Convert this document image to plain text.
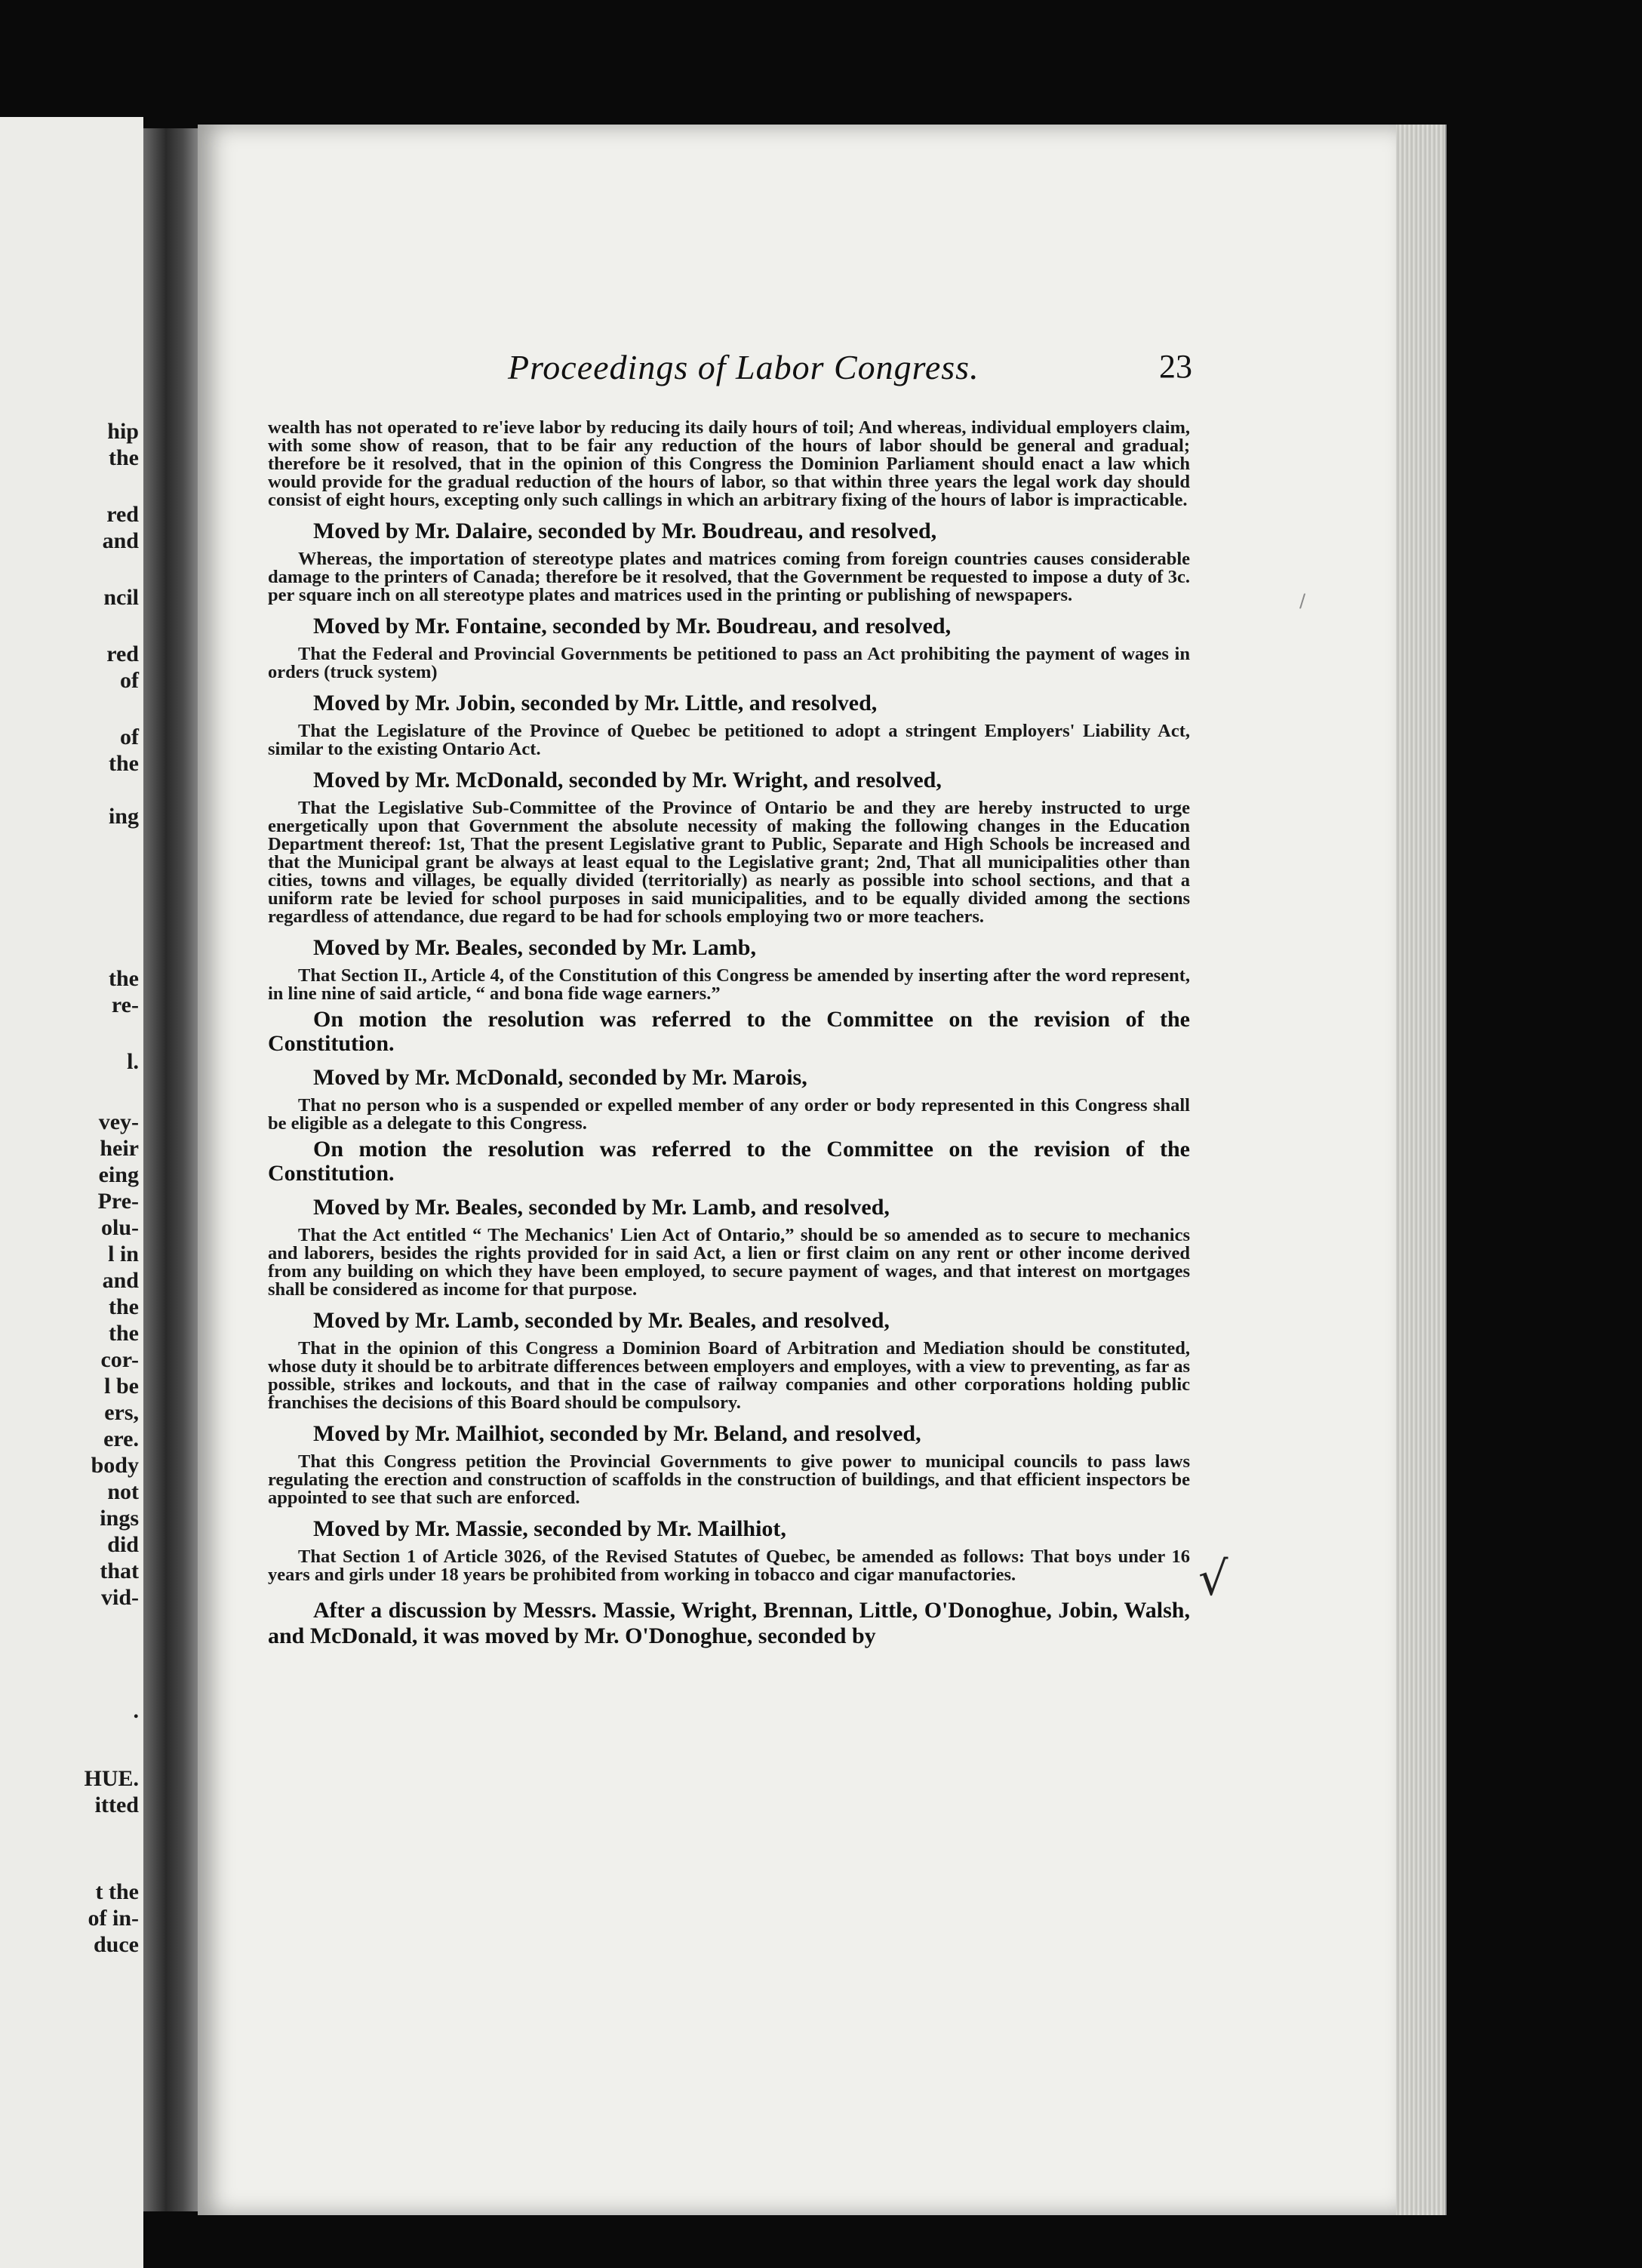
hip
the
red
and
ncil
red
of
of
the
ing
the
re-
l.
vey-
heir
eing
Pre-
olu-
l in
and
the
the
cor-
l be
ers,
ere.
body
not
ings
did
that
vid-
.
HUE.
itted
t the
of in-
duce
Proceedings of Labor Congress.	23

wealth has not operated to re'ieve labor by reducing its daily hours of toil; And whereas, individual employers claim, with some show of reason, that to be fair any reduction of the hours of labor should be general and gradual; therefore be it resolved, that in the opinion of this Congress the Dominion Parliament should enact a law which would provide for the gradual reduction of the hours of labor, so that within three years the legal work day should consist of eight hours, excepting only such callings in which an arbitrary fixing of the hours of labor is impracticable.

Moved by Mr. Dalaire, seconded by Mr. Boudreau, and resolved,

Whereas, the importation of stereotype plates and matrices coming from foreign countries causes considerable damage to the printers of Canada; therefore be it resolved, that the Government be requested to impose a duty of 3c. per square inch on all stereotype plates and matrices used in the printing or publishing of newspapers.

Moved by Mr. Fontaine, seconded by Mr. Boudreau, and resolved,

That the Federal and Provincial Governments be petitioned to pass an Act prohibiting the payment of wages in orders (truck system)

Moved by Mr. Jobin, seconded by Mr. Little, and resolved,

That the Legislature of the Province of Quebec be petitioned to adopt a stringent Employers' Liability Act, similar to the existing Ontario Act.

Moved by Mr. McDonald, seconded by Mr. Wright, and resolved,

That the Legislative Sub-Committee of the Province of Ontario be and they are hereby instructed to urge energetically upon that Government the absolute necessity of making the following changes in the Education Department thereof: 1st, That the present Legislative grant to Public, Separate and High Schools be increased and that the Municipal grant be always at least equal to the Legislative grant; 2nd, That all municipalities other than cities, towns and villages, be equally divided (territorially) as nearly as possible into school sections, and that a uniform rate be levied for school purposes in said municipalities, and to be equally divided among the sections regardless of attendance, due regard to be had for schools employing two or more teachers.

Moved by Mr. Beales, seconded by Mr. Lamb,

That Section II., Article 4, of the Constitution of this Congress be amended by inserting after the word represent, in line nine of said article, “ and bona fide wage earners.”

On motion the resolution was referred to the Committee on the revision of the Constitution.

Moved by Mr. McDonald, seconded by Mr. Marois,

That no person who is a suspended or expelled member of any order or body represented in this Congress shall be eligible as a delegate to this Congress.

On motion the resolution was referred to the Committee on the revision of the Constitution.

Moved by Mr. Beales, seconded by Mr. Lamb, and resolved,

That the Act entitled “ The Mechanics' Lien Act of Ontario,” should be so amended as to secure to mechanics and laborers, besides the rights provided for in said Act, a lien or first claim on any rent or other income derived from any building on which they have been employed, to secure payment of wages, and that interest on mortgages shall be considered as income for that purpose.

Moved by Mr. Lamb, seconded by Mr. Beales, and resolved,

That in the opinion of this Congress a Dominion Board of Arbitration and Mediation should be constituted, whose duty it should be to arbitrate differences between employers and employes, with a view to preventing, as far as possible, strikes and lockouts, and that in the case of railway companies and other corporations holding public franchises the decisions of this Board should be compulsory.

Moved by Mr. Mailhiot, seconded by Mr. Beland, and resolved,

That this Congress petition the Provincial Governments to give power to municipal councils to pass laws regulating the erection and construction of scaffolds in the construction of buildings, and that efficient inspectors be appointed to see that such are enforced.

Moved by Mr. Massie, seconded by Mr. Mailhiot,

That Section 1 of Article 3026, of the Revised Statutes of Quebec, be amended as follows: That boys under 16 years and girls under 18 years be prohibited from working in tobacco and cigar manufactories.

After a discussion by Messrs. Massie, Wright, Brennan, Little, O'Donoghue, Jobin, Walsh, and McDonald, it was moved by Mr. O'Donoghue, seconded by

√
/
